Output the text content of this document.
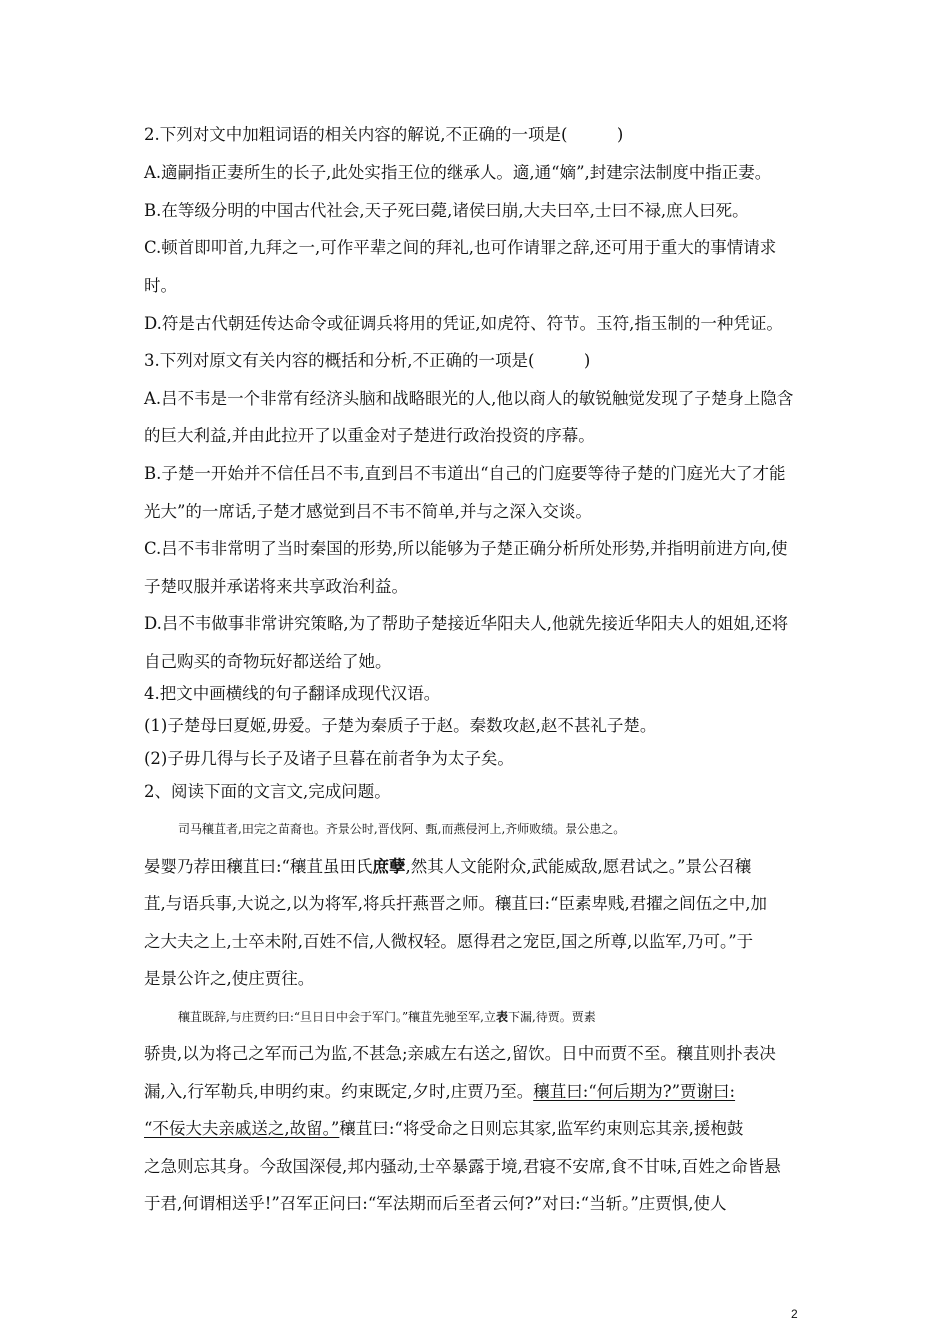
2.下列对文中加粗词语的相关内容的解说,不正确的一项是(　　　)
A.適嗣指正妻所生的长子,此处实指王位的继承人。適,通“嫡”,封建宗法制度中指正妻。
B.在等级分明的中国古代社会,天子死曰薨,诸侯曰崩,大夫曰卒,士曰不禄,庶人曰死。
C.顿首即叩首,九拜之一,可作平辈之间的拜礼,也可作请罪之辞,还可用于重大的事情请求
时。
D.符是古代朝廷传达命令或征调兵将用的凭证,如虎符、符节。玉符,指玉制的一种凭证。
3.下列对原文有关内容的概括和分析,不正确的一项是(　　　)
A.吕不韦是一个非常有经济头脑和战略眼光的人,他以商人的敏锐触觉发现了子楚身上隐含
的巨大利益,并由此拉开了以重金对子楚进行政治投资的序幕。
B.子楚一开始并不信任吕不韦,直到吕不韦道出“自己的门庭要等待子楚的门庭光大了才能
光大”的一席话,子楚才感觉到吕不韦不简单,并与之深入交谈。
C.吕不韦非常明了当时秦国的形势,所以能够为子楚正确分析所处形势,并指明前进方向,使
子楚叹服并承诺将来共享政治利益。
D.吕不韦做事非常讲究策略,为了帮助子楚接近华阳夫人,他就先接近华阳夫人的姐姐,还将
自己购买的奇物玩好都送给了她。
4.把文中画横线的句子翻译成现代汉语。
(1)子楚母曰夏姬,毋爱。子楚为秦质子于赵。秦数攻赵,赵不甚礼子楚。
(2)子毋几得与长子及诸子旦暮在前者争为太子矣。
2、阅读下面的文言文,完成问题。
司马穰苴者,田完之苗裔也。齐景公时,晋伐阿、甄,而燕侵河上,齐师败绩。景公患之。
晏婴乃荐田穰苴曰:“穰苴虽田氏庶孽,然其人文能附众,武能威敌,愿君试之。”景公召穰
苴,与语兵事,大说之,以为将军,将兵扞燕晋之师。穰苴曰:“臣素卑贱,君擢之闾伍之中,加
之大夫之上,士卒未附,百姓不信,人微权轻。愿得君之宠臣,国之所尊,以监军,乃可。”于
是景公许之,使庄贾往。
穰苴既辞,与庄贾约曰:“旦日日中会于军门。”穰苴先驰至军,立表下漏,待贾。贾素
骄贵,以为将己之军而己为监,不甚急;亲戚左右送之,留饮。日中而贾不至。穰苴则扑表决
漏,入,行军勒兵,申明约束。约束既定,夕时,庄贾乃至。穰苴曰:“何后期为?”贾谢曰:
“不佞大夫亲戚送之,故留。”穰苴曰:“将受命之日则忘其家,监军约束则忘其亲,援枹鼓
之急则忘其身。今敌国深侵,邦内骚动,士卒暴露于境,君寝不安席,食不甘味,百姓之命皆悬
于君,何谓相送乎!”召军正问曰:“军法期而后至者云何?”对曰:“当斩。”庄贾惧,使人
2
